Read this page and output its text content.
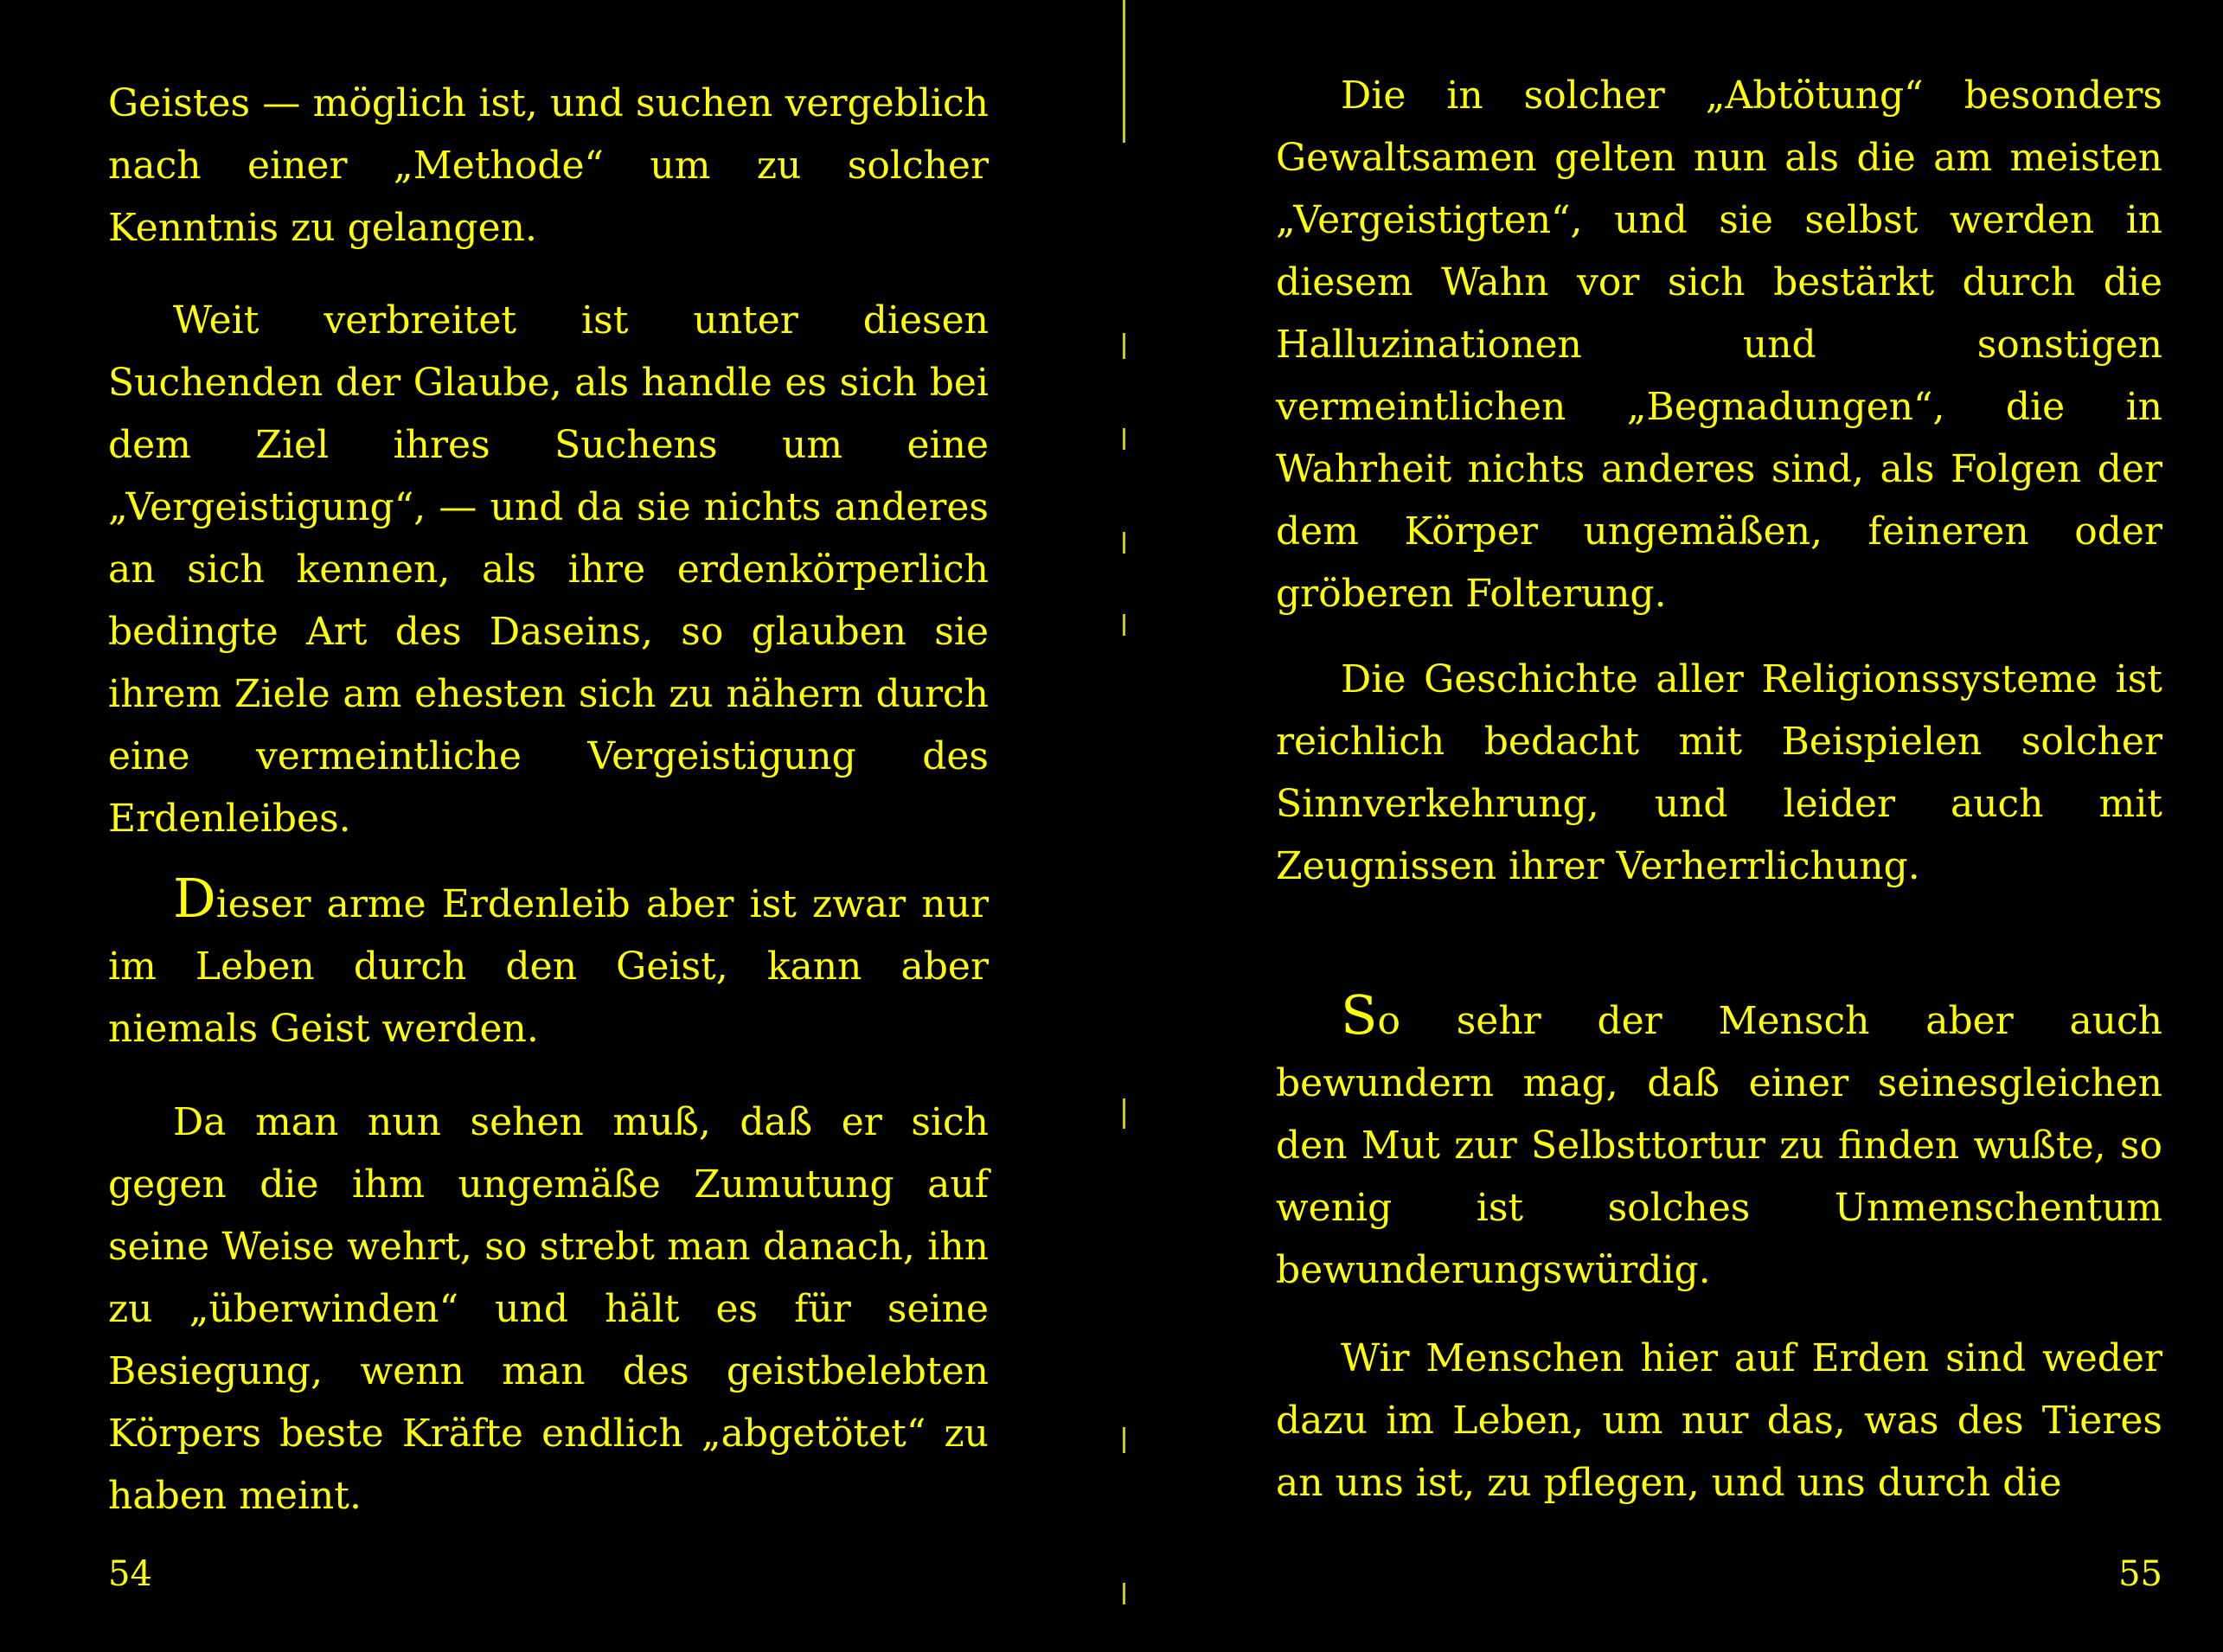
Geistes — möglich ist, und suchen vergeblich nach einer „Methode“ um zu solcher Kenntnis zu gelangen.

Weit verbreitet ist unter diesen Suchenden der Glaube, als handle es sich bei dem Ziel ihres Suchens um eine „Vergeistigung“, — und da sie nichts anderes an sich kennen, als ihre erdenkörperlich bedingte Art des Daseins, so glauben sie ihrem Ziele am ehesten sich zu nähern durch eine vermeintliche Vergeistigung des Erdenleibes.

Dieser arme Erdenleib aber ist zwar nur im Leben durch den Geist, kann aber niemals Geist werden.

Da man nun sehen muß, daß er sich gegen die ihm ungemäße Zumutung auf seine Weise wehrt, so strebt man danach, ihn zu „überwinden“ und hält es für seine Besiegung, wenn man des geistbelebten Körpers beste Kräfte endlich „abgetötet“ zu haben meint.

54

Die in solcher „Abtötung“ besonders Gewaltsamen gelten nun als die am meisten „Vergeistigten“, und sie selbst werden in diesem Wahn vor sich bestärkt durch die Halluzinationen und sonstigen vermeintlichen „Begnadungen“, die in Wahrheit nichts anderes sind, als Folgen der dem Körper ungemäßen, feineren oder gröberen Folterung.

Die Geschichte aller Religionssysteme ist reichlich bedacht mit Beispielen solcher Sinnverkehrung, und leider auch mit Zeugnissen ihrer Verherrlichung.

So sehr der Mensch aber auch bewundern mag, daß einer seinesgleichen den Mut zur Selbsttortur zu finden wußte, so wenig ist solches Unmenschentum bewunderungswürdig.

Wir Menschen hier auf Erden sind weder dazu im Leben, um nur das, was des Tieres an uns ist, zu pflegen, und uns durch die

55
